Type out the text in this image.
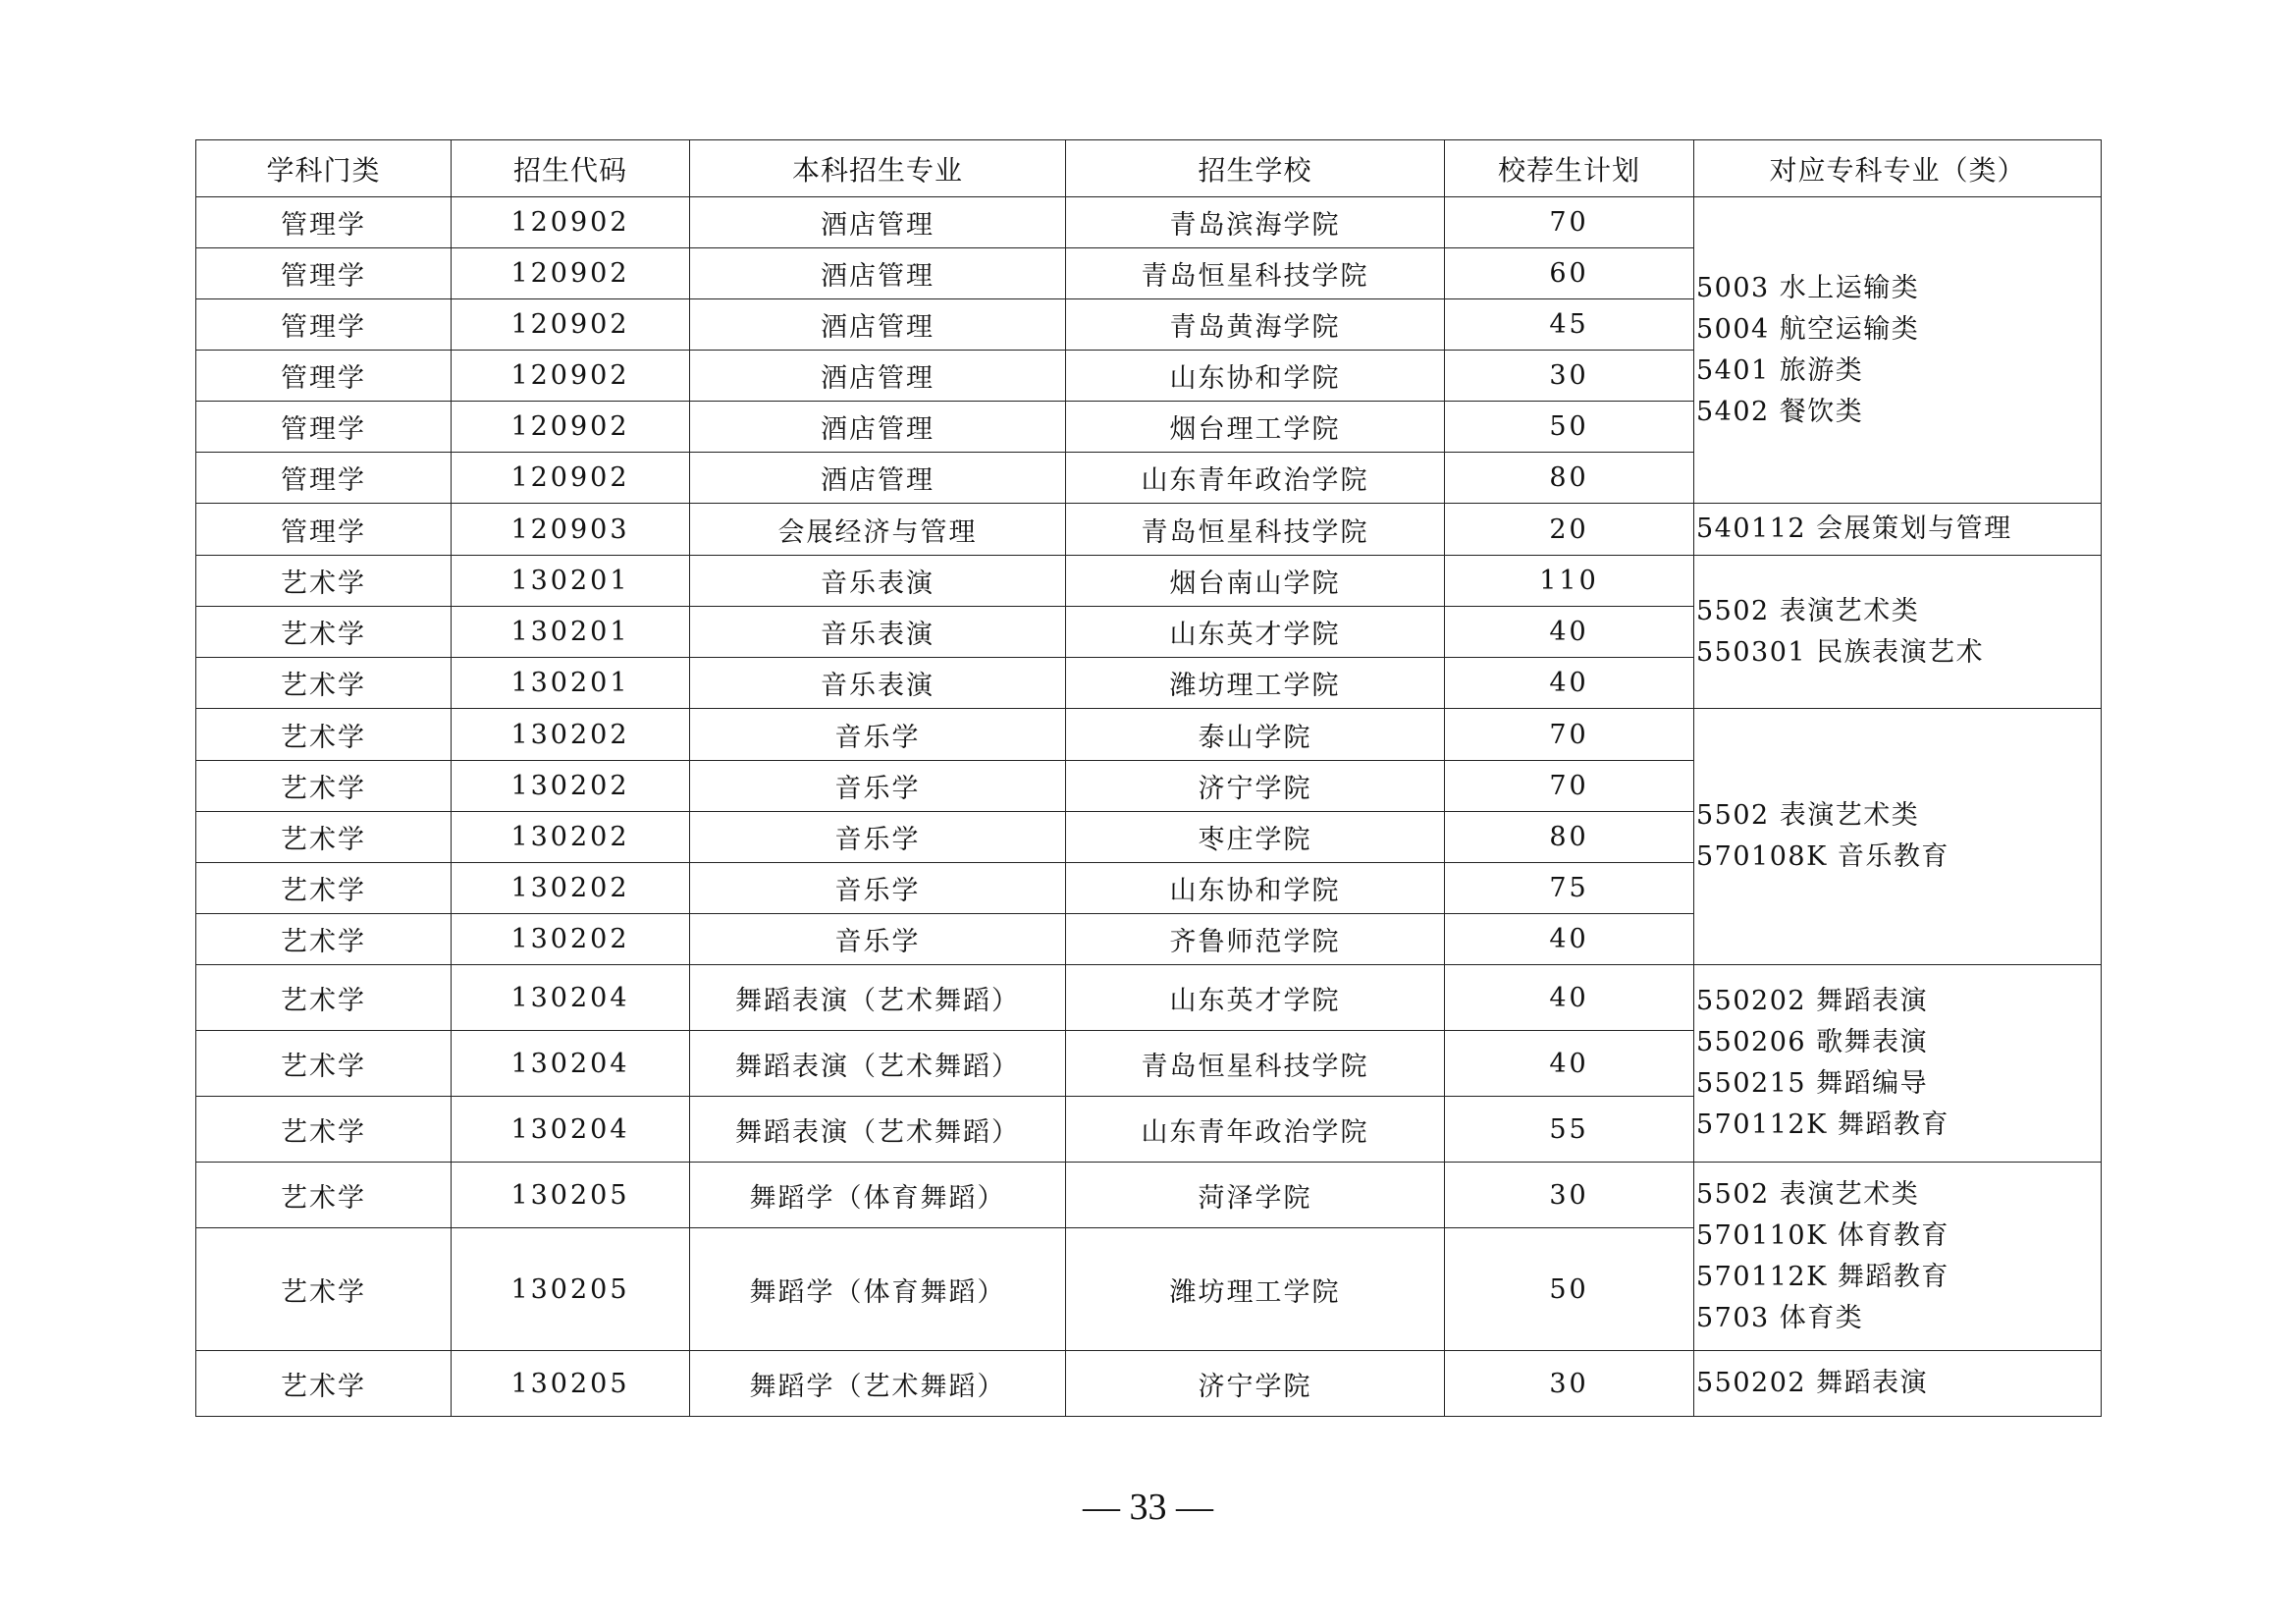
学科门类	招生代码	本科招生专业	招生学校	校荐生计划	对应专科专业（类）
管理学	120902	酒店管理	青岛滨海学院	70	5003 水上运输类
5004 航空运输类
5401 旅游类
5402 餐饮类

管理学	120902	酒店管理	青岛恒星科技学院	60	
管理学	120902	酒店管理	青岛黄海学院	45	
管理学	120902	酒店管理	山东协和学院	30	
管理学	120902	酒店管理	烟台理工学院	50	
管理学	120902	酒店管理	山东青年政治学院	80	
管理学	120903	会展经济与管理	青岛恒星科技学院	20	540112 会展策划与管理

艺术学	130201	音乐表演	烟台南山学院	110	5502 表演艺术类
550301 民族表演艺术

艺术学	130201	音乐表演	山东英才学院	40	
艺术学	130201	音乐表演	潍坊理工学院	40	
艺术学	130202	音乐学	泰山学院	70	5502 表演艺术类
570108K 音乐教育

艺术学	130202	音乐学	济宁学院	70	
艺术学	130202	音乐学	枣庄学院	80	
艺术学	130202	音乐学	山东协和学院	75	
艺术学	130202	音乐学	齐鲁师范学院	40	
艺术学	130204	舞蹈表演（艺术舞蹈）	山东英才学院	40	550202 舞蹈表演
550206 歌舞表演
550215 舞蹈编导
570112K 舞蹈教育

艺术学	130204	舞蹈表演（艺术舞蹈）	青岛恒星科技学院	40	
艺术学	130204	舞蹈表演（艺术舞蹈）	山东青年政治学院	55	
艺术学	130205	舞蹈学（体育舞蹈）	菏泽学院	30	5502 表演艺术类
570110K 体育教育
570112K 舞蹈教育
5703 体育类

艺术学	130205	舞蹈学（体育舞蹈）	潍坊理工学院	50	
艺术学	130205	舞蹈学（艺术舞蹈）	济宁学院	30	550202 舞蹈表演
— 33 —
